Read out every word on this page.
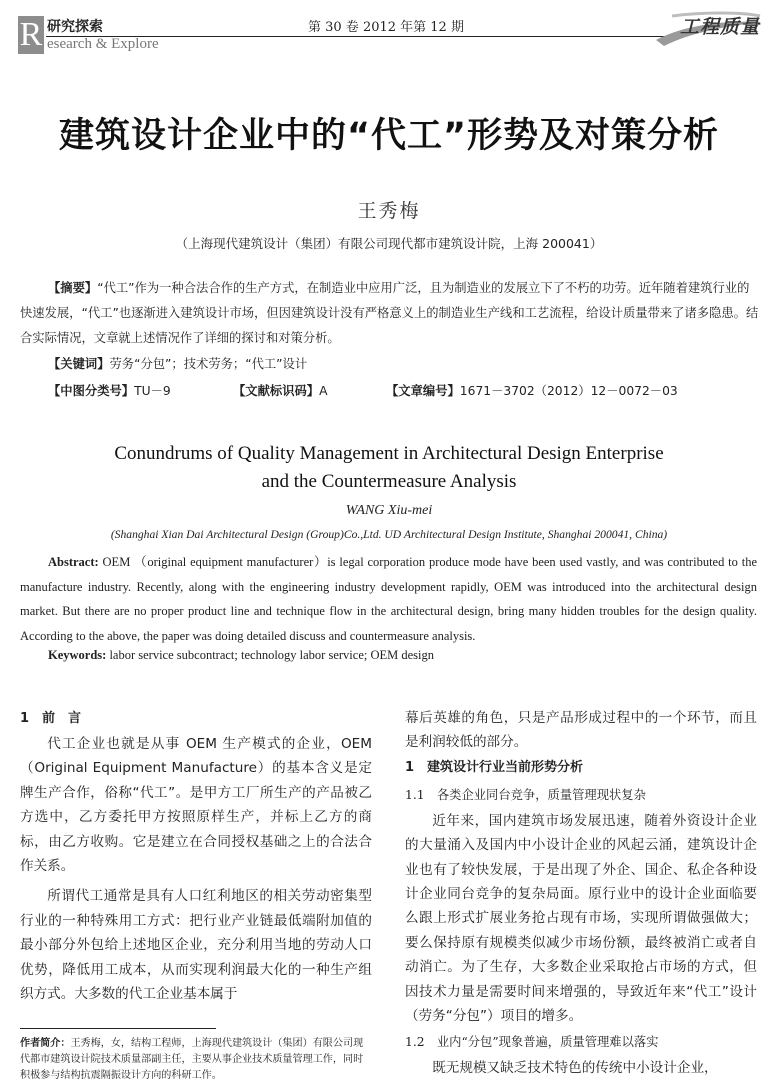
R 研究探索
esearch & Explore
第 30 卷 2012 年第 12 期	工程质量
建筑设计企业中的“代工”形势及对策分析
王秀梅
（上海现代建筑设计（集团）有限公司现代都市建筑设计院，上海 200041）
【摘要】“代工”作为一种合法合作的生产方式，在制造业中应用广泛，且为制造业的发展立下了不朽的功劳。近年随着建筑行业的快速发展，“代工”也逐渐进入建筑设计市场，但因建筑设计没有严格意义上的制造业生产线和工艺流程，给设计质量带来了诸多隐患。结合实际情况，文章就上述情况作了详细的探讨和对策分析。
【关键词】劳务“分包”；技术劳务；“代工”设计
【中图分类号】TU－9	【文献标识码】A	【文章编号】1671－3702（2012）12－0072－03
Conundrums of Quality Management in Architectural Design Enterprise
and the Countermeasure Analysis
WANG Xiu-mei
(Shanghai Xian Dai Architectural Design (Group)Co.,Ltd. UD Architectural Design Institute, Shanghai 200041, China)
Abstract: OEM （original equipment manufacturer）is legal corporation produce mode have been used vastly, and was contributed to the manufacture industry. Recently, along with the engineering industry development rapidly, OEM was introduced into the architectural design market. But there are no proper product line and technique flow in the architectural design, bring many hidden troubles for the design quality. According to the above, the paper was doing detailed discuss and countermeasure analysis.
Keywords: labor service subcontract; technology labor service; OEM design
1　前　言

代工企业也就是从事 OEM 生产模式的企业，OEM（Original Equipment Manufacture）的基本含义是定牌生产合作，俗称“代工”。是甲方工厂所生产的产品被乙方选中，乙方委托甲方按照原样生产，并标上乙方的商标，由乙方收购。它是建立在合同授权基础之上的合法合作关系。

所谓代工通常是具有人口红利地区的相关劳动密集型行业的一种特殊用工方式：把行业产业链最低端附加值的最小部分外包给上述地区企业，充分利用当地的劳动人口优势，降低用工成本，从而实现利润最大化的一种生产组织方式。大多数的代工企业基本属于

幕后英雄的角色，只是产品形成过程中的一个环节，而且是利润较低的部分。

1　建筑设计行业当前形势分析
1.1　各类企业同台竞争，质量管理现状复杂

近年来，国内建筑市场发展迅速，随着外资设计企业的大量涌入及国内中小设计企业的风起云涌，建筑设计企业也有了较快发展，于是出现了外企、国企、私企各种设计企业同台竞争的复杂局面。原行业中的设计企业面临要么跟上形式扩展业务抢占现有市场，实现所谓做强做大；要么保持原有规模类似减少市场份额，最终被消亡或者自动消亡。为了生存，大多数企业采取抢占市场的方式，但因技术力量是需要时间来增强的，导致近年来“代工”设计（劳务“分包”）项目的增多。

1.2　业内“分包”现象普遍，质量管理难以落实

既无规模又缺乏技术特色的传统中小设计企业，

作者简介：王秀梅，女，结构工程师，上海现代建筑设计（集团）有限公司现代都市建筑设计院技术质量部副主任，主要从事企业技术质量管理工作，同时积极参与结构抗震隔振设计方向的科研工作。
